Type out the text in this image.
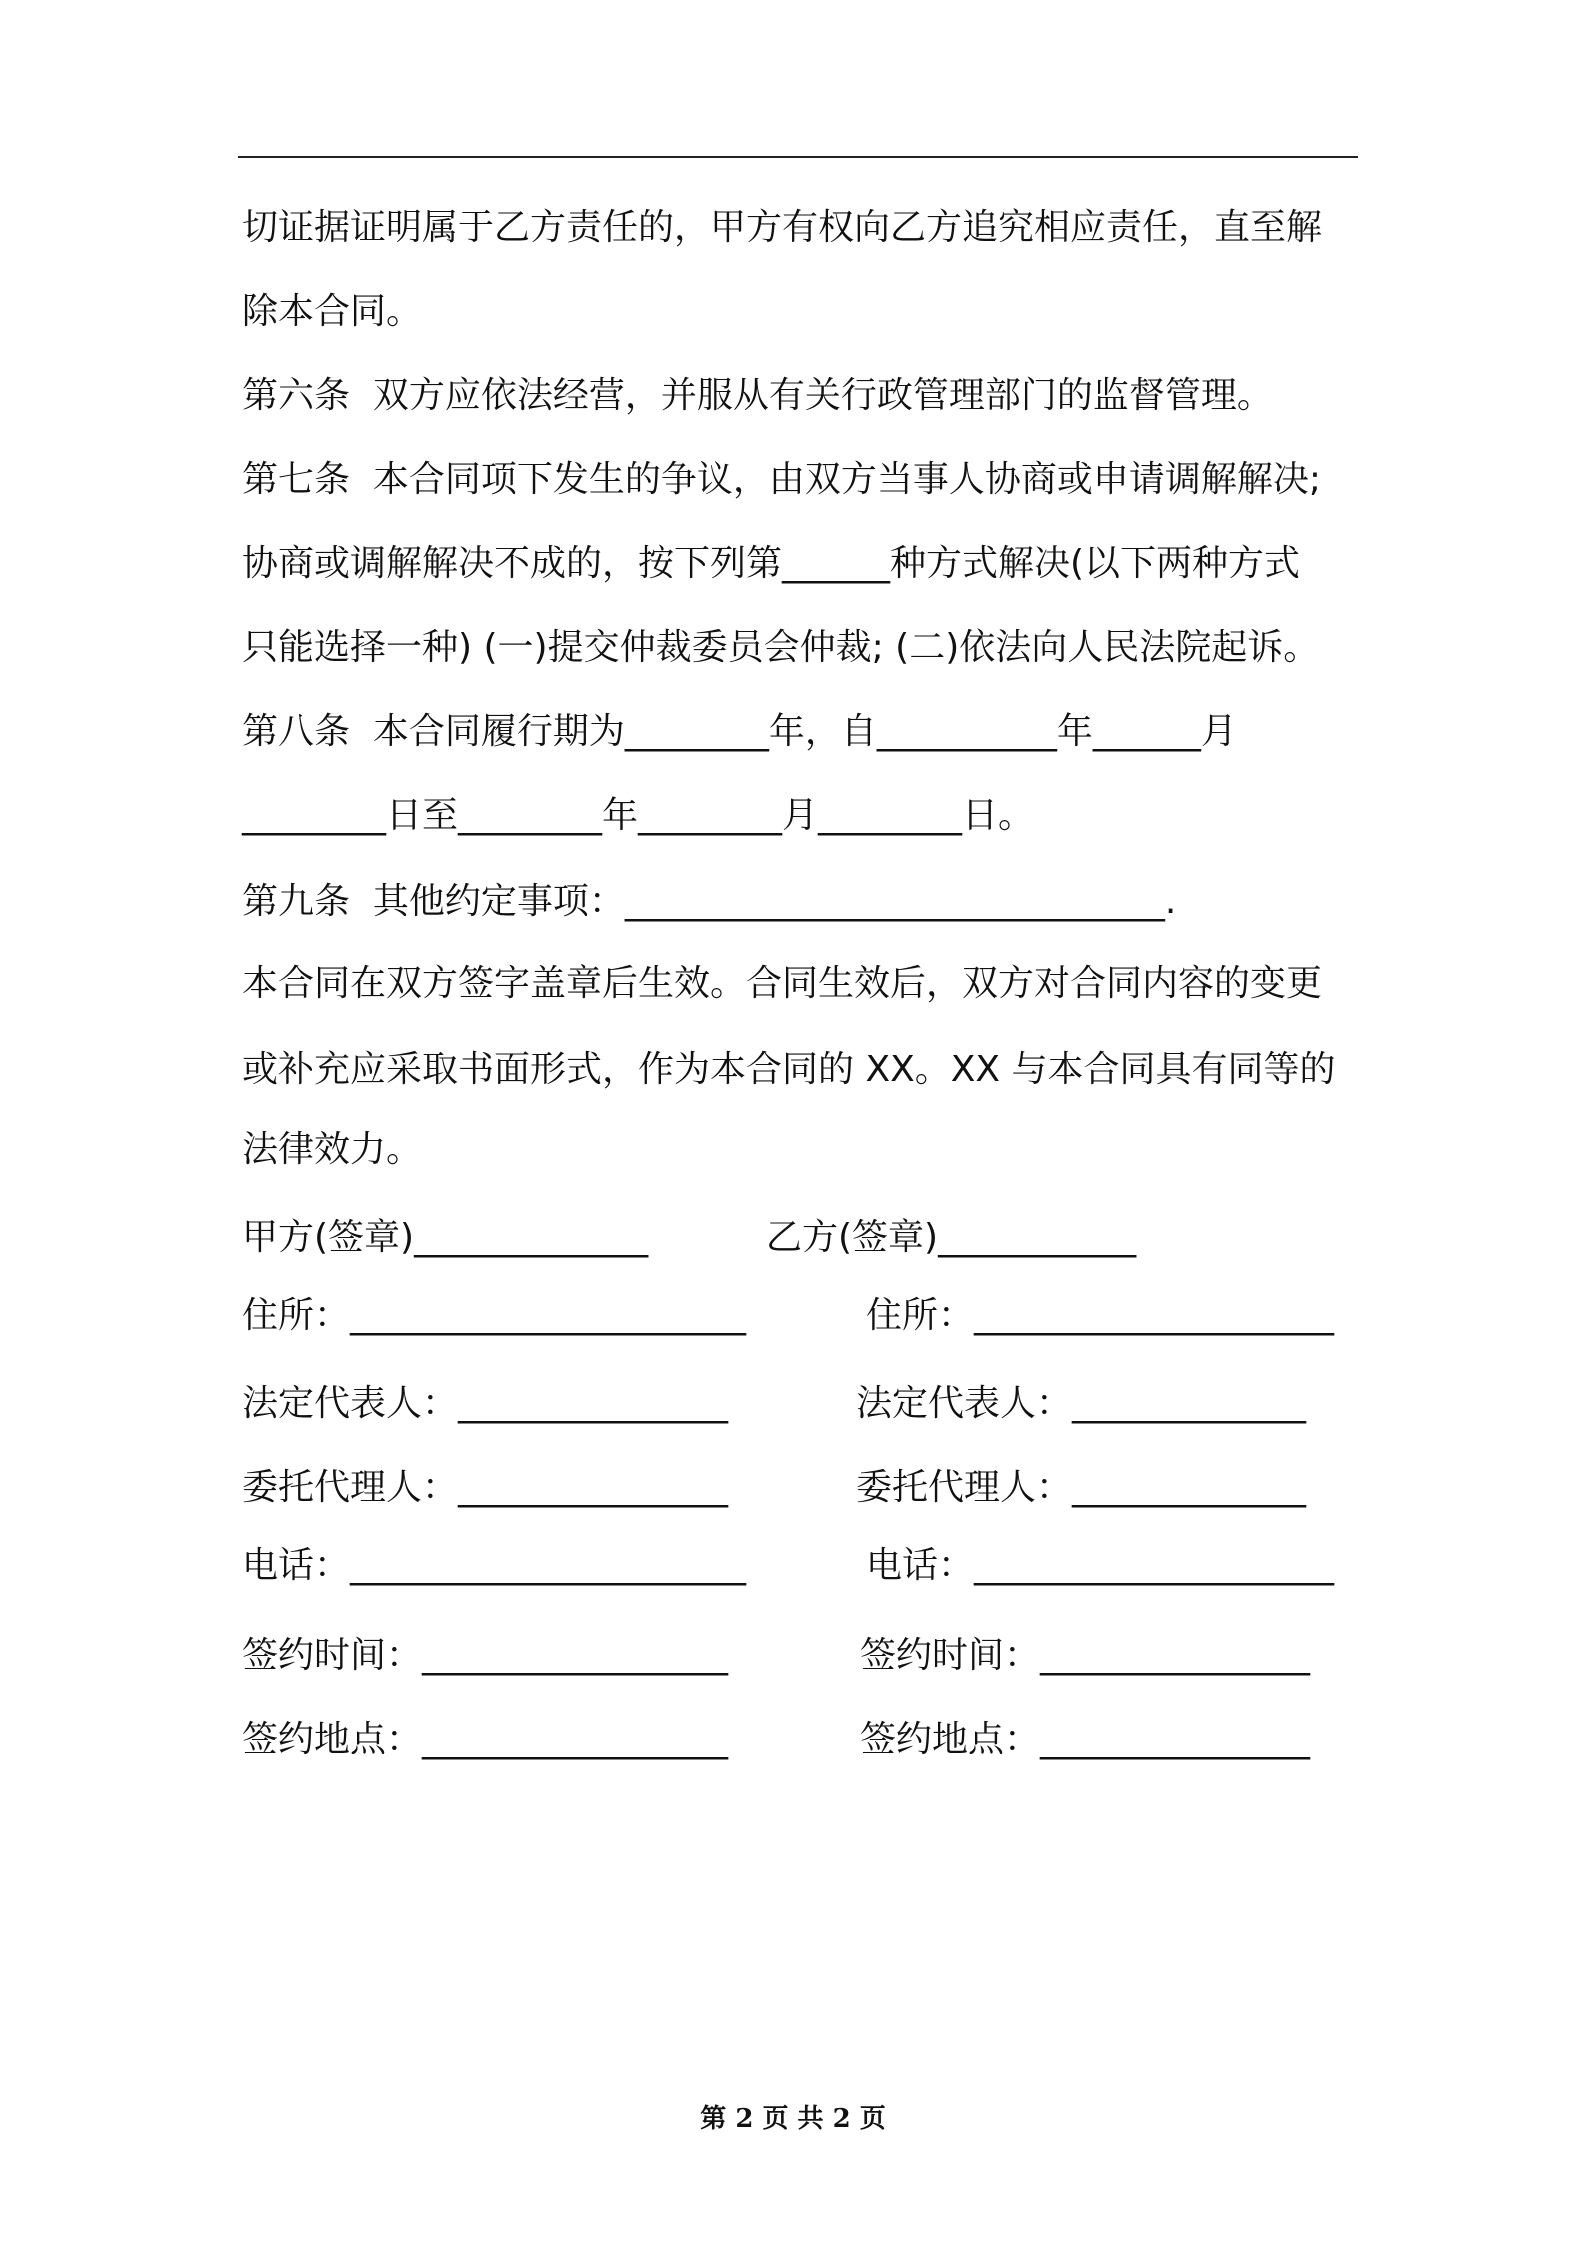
切证据证明属于乙方责任的，甲方有权向乙方追究相应责任，直至解
除本合同。
第六条  双方应依法经营，并服从有关行政管理部门的监督管理。
第七条  本合同项下发生的争议，由双方当事人协商或申请调解解决;
协商或调解解决不成的，按下列第______种方式解决(以下两种方式
只能选择一种) (一)提交仲裁委员会仲裁; (二)依法向人民法院起诉。
第八条  本合同履行期为________年，自__________年______月
________日至________年________月________日。
第九条  其他约定事项：______________________________.
本合同在双方签字盖章后生效。合同生效后，双方对合同内容的变更
或补充应采取书面形式，作为本合同的 XX。XX 与本合同具有同等的
法律效力。
甲方(签章)_____________
住所：______________________
法定代表人：_______________
委托代理人：_______________
电话：______________________
签约时间：_________________
签约地点：_________________
乙方(签章)___________
住所：____________________
法定代表人：_____________
委托代理人：_____________
电话：____________________
签约时间：_______________
签约地点：_______________
第 2 页 共 2 页
